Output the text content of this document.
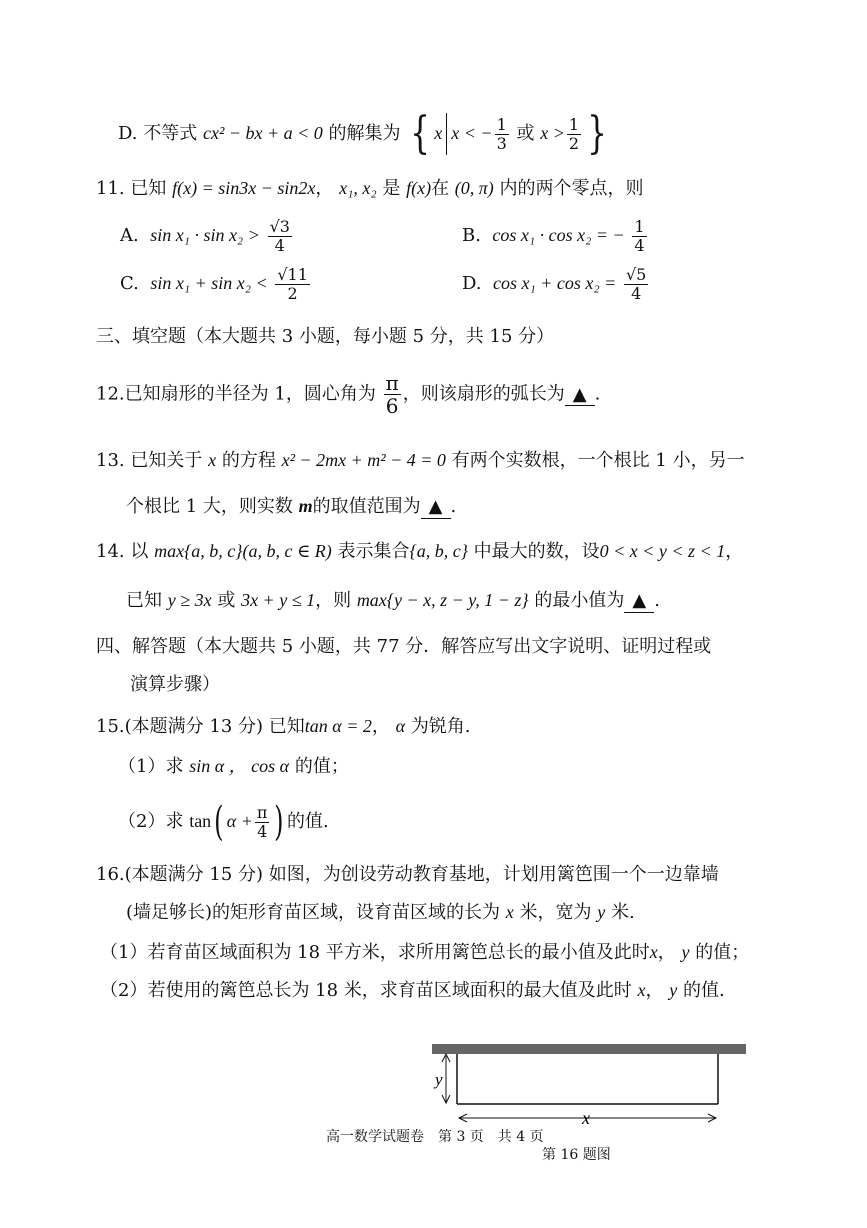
D. 不等式 cx² − bx + a < 0 的解集为 { x x < − $\frac{1}{3}$ 或 $x > \frac{1}{2}$ }
11. 已知 f(x) = sin3x − sin2x， x₁, x₂ 是 f(x)在 (0, π) 内的两个零点，则
A. $\sin x_1 \cdot \sin x_2 > \frac{√3}{4}$	B. cos x₁ · cos x₂ = − $\frac{1}{4}$
C. $\sin x_1 + \sin x_2 < \frac{√11}{2}$	D. $\cos x_1 + \cos x_2 = \frac{√5}{4}$
三、填空题（本大题共 3 小题，每小题 5 分，共 15 分）
12.已知扇形的半径为 1，圆心角为 $\frac{\pi}{6}$ ，则该扇形的弧长为 ▲ .
13. 已知关于 x 的方程 x² − 2mx + m² − 4 = 0 有两个实数根，一个根比 1 小，另一
个根比 1 大，则实数 m的取值范围为 ▲ .
14. 以 max{a, b, c}(a, b, c ∈ R) 表示集合{a, b, c} 中最大的数，设0 < x < y < z < 1，
已知 y ≥ 3x 或 3x + y ≤ 1，则 max{y − x, z − y, 1 − z} 的最小值为 ▲ .
四、解答题（本大题共 5 小题，共 77 分．解答应写出文字说明、证明过程或
演算步骤）
15.(本题满分 13 分) 已知tan α = 2， α 为锐角.
（1）求 sin α ， cos α 的值；
（2）求 tan( $\alpha + \frac{\pi}{4}$ ) 的值.
16.(本题满分 15 分) 如图，为创设劳动教育基地，计划用篱笆围一个一边靠墙
(墙足够长)的矩形育苗区域，设育苗区域的长为 x 米，宽为 y 米.
（1）若育苗区域面积为 18 平方米，求所用篱笆总长的最小值及此时x， y 的值；
（2）若使用的篱笆总长为 18 米，求育苗区域面积的最大值及此时 x， y 的值.
y
x
高一数学试题卷　第 3 页　共 4 页
第 16 题图
